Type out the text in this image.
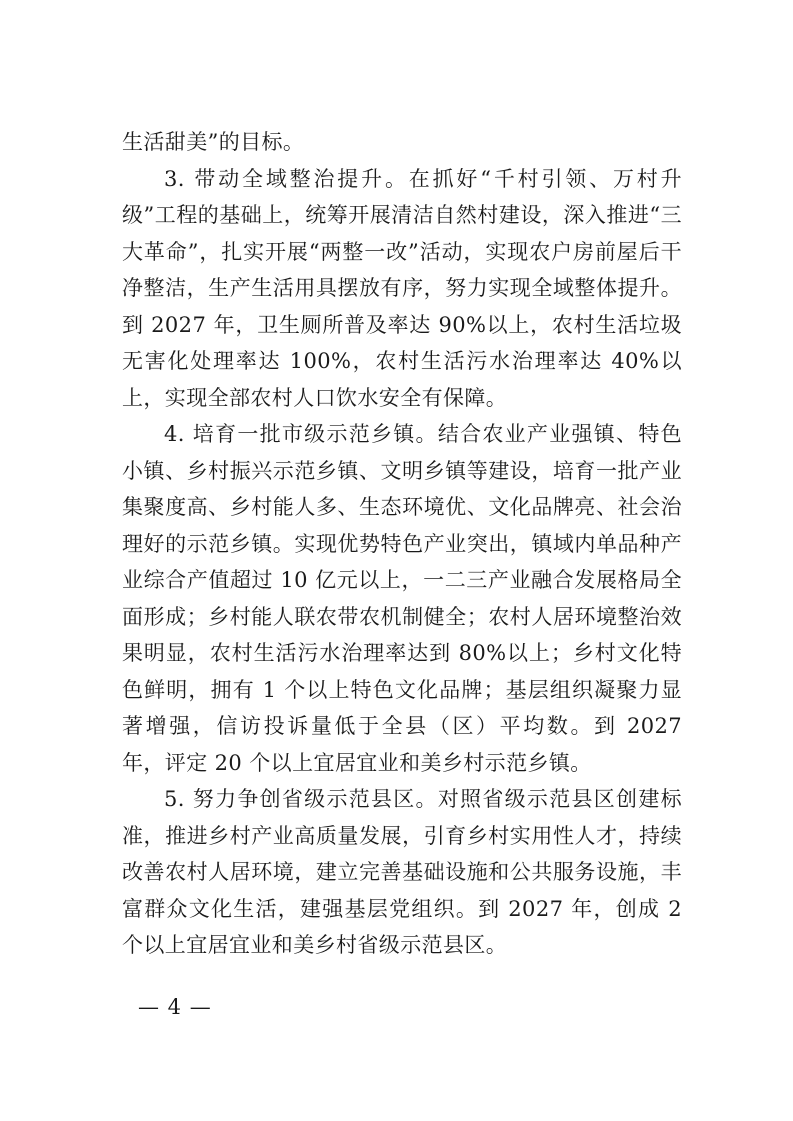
生活甜美”的目标。

3. 带动全域整治提升。在抓好“千村引领、万村升级”工程的基础上，统筹开展清洁自然村建设，深入推进“三大革命”，扎实开展“两整一改”活动，实现农户房前屋后干净整洁，生产生活用具摆放有序，努力实现全域整体提升。到 2027 年，卫生厕所普及率达 90%以上，农村生活垃圾无害化处理率达 100%，农村生活污水治理率达 40%以上，实现全部农村人口饮水安全有保障。

4. 培育一批市级示范乡镇。结合农业产业强镇、特色小镇、乡村振兴示范乡镇、文明乡镇等建设，培育一批产业集聚度高、乡村能人多、生态环境优、文化品牌亮、社会治理好的示范乡镇。实现优势特色产业突出，镇域内单品种产业综合产值超过 10 亿元以上，一二三产业融合发展格局全面形成；乡村能人联农带农机制健全；农村人居环境整治效果明显，农村生活污水治理率达到 80%以上；乡村文化特色鲜明，拥有 1 个以上特色文化品牌；基层组织凝聚力显著增强，信访投诉量低于全县（区）平均数。到 2027 年，评定 20 个以上宜居宜业和美乡村示范乡镇。

5. 努力争创省级示范县区。对照省级示范县区创建标准，推进乡村产业高质量发展，引育乡村实用性人才，持续改善农村人居环境，建立完善基础设施和公共服务设施，丰富群众文化生活，建强基层党组织。到 2027 年，创成 2 个以上宜居宜业和美乡村省级示范县区。

— 4 —
